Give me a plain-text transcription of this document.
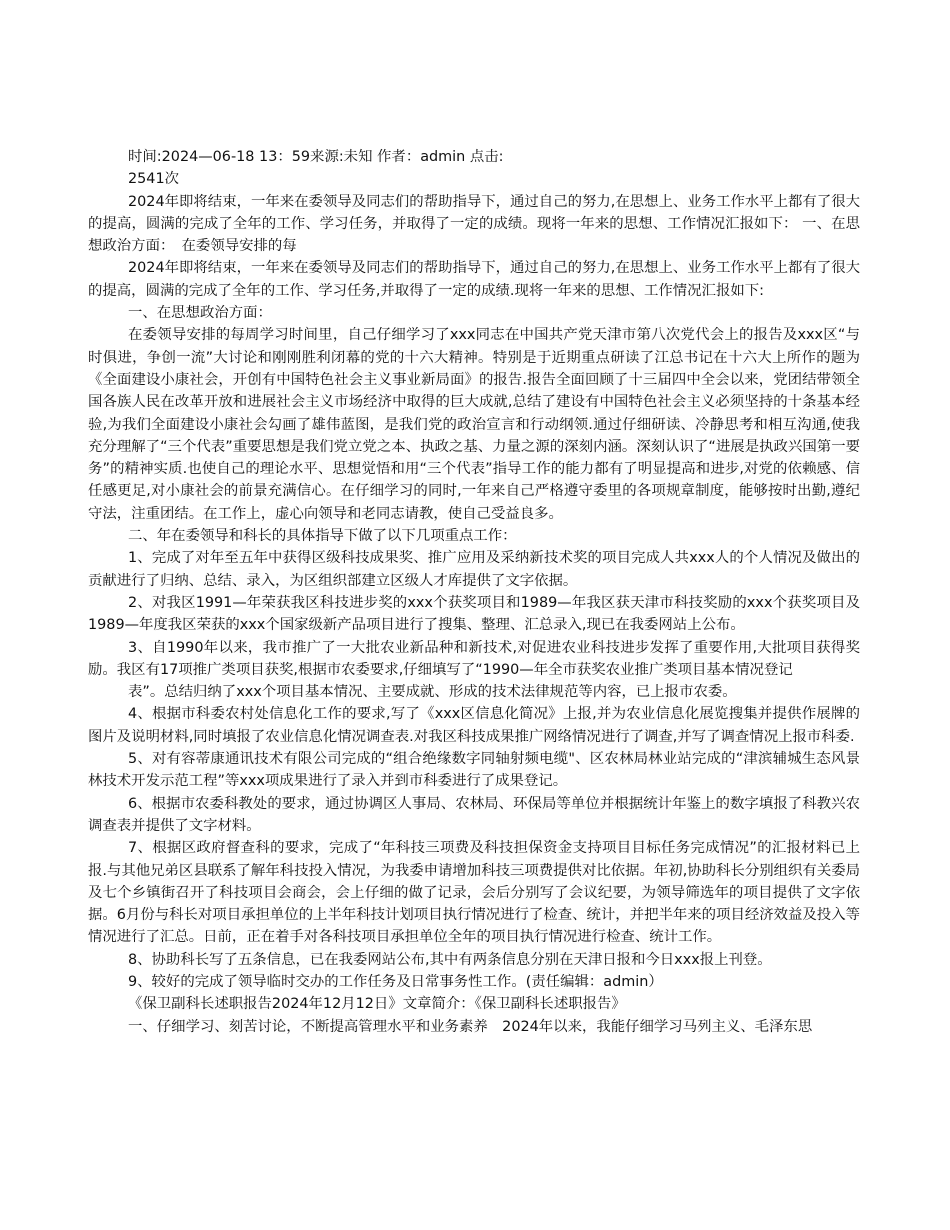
时间:2024—06-18 13：59来源:未知 作者：admin 点击:
2541次

2024年即将结束，一年来在委领导及同志们的帮助指导下，通过自己的努力,在思想上、业务工作水平上都有了很大的提高，圆满的完成了全年的工作、学习任务，并取得了一定的成绩。现将一年来的思想、工作情况汇报如下： 一、在思想政治方面：　在委领导安排的每

2024年即将结束，一年来在委领导及同志们的帮助指导下，通过自己的努力,在思想上、业务工作水平上都有了很大的提高，圆满的完成了全年的工作、学习任务,并取得了一定的成绩.现将一年来的思想、工作情况汇报如下:

一、在思想政治方面：

在委领导安排的每周学习时间里，自己仔细学习了xxx同志在中国共产党天津市第八次党代会上的报告及xxx区“与时俱进，争创一流”大讨论和刚刚胜利闭幕的党的十六大精神。特别是于近期重点研读了江总书记在十六大上所作的题为《全面建设小康社会，开创有中国特色社会主义事业新局面》的报告.报告全面回顾了十三届四中全会以来，党团结带领全国各族人民在改革开放和进展社会主义市场经济中取得的巨大成就,总结了建设有中国特色社会主义必须坚持的十条基本经验,为我们全面建设小康社会勾画了雄伟蓝图，是我们党的政治宣言和行动纲领.通过仔细研读、冷静思考和相互沟通,使我充分理解了“三个代表”重要思想是我们党立党之本、执政之基、力量之源的深刻内涵。深刻认识了“进展是执政兴国第一要务”的精神实质.也使自己的理论水平、思想觉悟和用“三个代表”指导工作的能力都有了明显提高和进步,对党的依赖感、信任感更足,对小康社会的前景充满信心。在仔细学习的同时,一年来自己严格遵守委里的各项规章制度，能够按时出勤,遵纪守法，注重团结。在工作上，虚心向领导和老同志请教，使自己受益良多。

二、年在委领导和科长的具体指导下做了以下几项重点工作：

1、完成了对年至五年中获得区级科技成果奖、推广应用及采纳新技术奖的项目完成人共xxx人的个人情况及做出的贡献进行了归纳、总结、录入，为区组织部建立区级人才库提供了文字依据。

2、对我区1991—年荣获我区科技进步奖的xxx个获奖项目和1989—年我区获天津市科技奖励的xxx个获奖项目及1989—年度我区荣获的xxx个国家级新产品项目进行了搜集、整理、汇总录入,现已在我委网站上公布。

3、自1990年以来，我市推广了一大批农业新品种和新技术,对促进农业科技进步发挥了重要作用,大批项目获得奖励。我区有17项推广类项目获奖,根据市农委要求,仔细填写了“1990—年全市获奖农业推广类项目基本情况登记

表”。总结归纳了xxx个项目基本情况、主要成就、形成的技术法律规范等内容，已上报市农委。

4、根据市科委农村处信息化工作的要求,写了《xxx区信息化简况》上报,并为农业信息化展览搜集并提供作展牌的图片及说明材料,同时填报了农业信息化情况调查表.对我区科技成果推广网络情况进行了调查,并写了调查情况上报市科委.

5、对有容蒂康通讯技术有限公司完成的“组合绝缘数字同轴射频电缆"、区农林局林业站完成的“津滨辅城生态风景林技术开发示范工程”等xxx项成果进行了录入并到市科委进行了成果登记。

6、根据市农委科教处的要求，通过协调区人事局、农林局、环保局等单位并根据统计年鉴上的数字填报了科教兴农调查表并提供了文字材料。

7、根据区政府督查科的要求，完成了“年科技三项费及科技担保资金支持项目目标任务完成情况”的汇报材料已上报.与其他兄弟区县联系了解年科技投入情况，为我委申请增加科技三项费提供对比依据。年初,协助科长分别组织有关委局及七个乡镇街召开了科技项目会商会，会上仔细的做了记录，会后分别写了会议纪要，为领导筛选年的项目提供了文字依据。6月份与科长对项目承担单位的上半年科技计划项目执行情况进行了检查、统计，并把半年来的项目经济效益及投入等情况进行了汇总。日前，正在着手对各科技项目承担单位全年的项目执行情况进行检查、统计工作。

8、协助科长写了五条信息，已在我委网站公布,其中有两条信息分别在天津日报和今日xxx报上刊登。

9、较好的完成了领导临时交办的工作任务及日常事务性工作。(责任编辑：admin）

《保卫副科长述职报告2024年12月12日》文章简介：《保卫副科长述职报告》

一、仔细学习、刻苦讨论，不断提高管理水平和业务素养　2024年以来，我能仔细学习马列主义、毛泽东思
